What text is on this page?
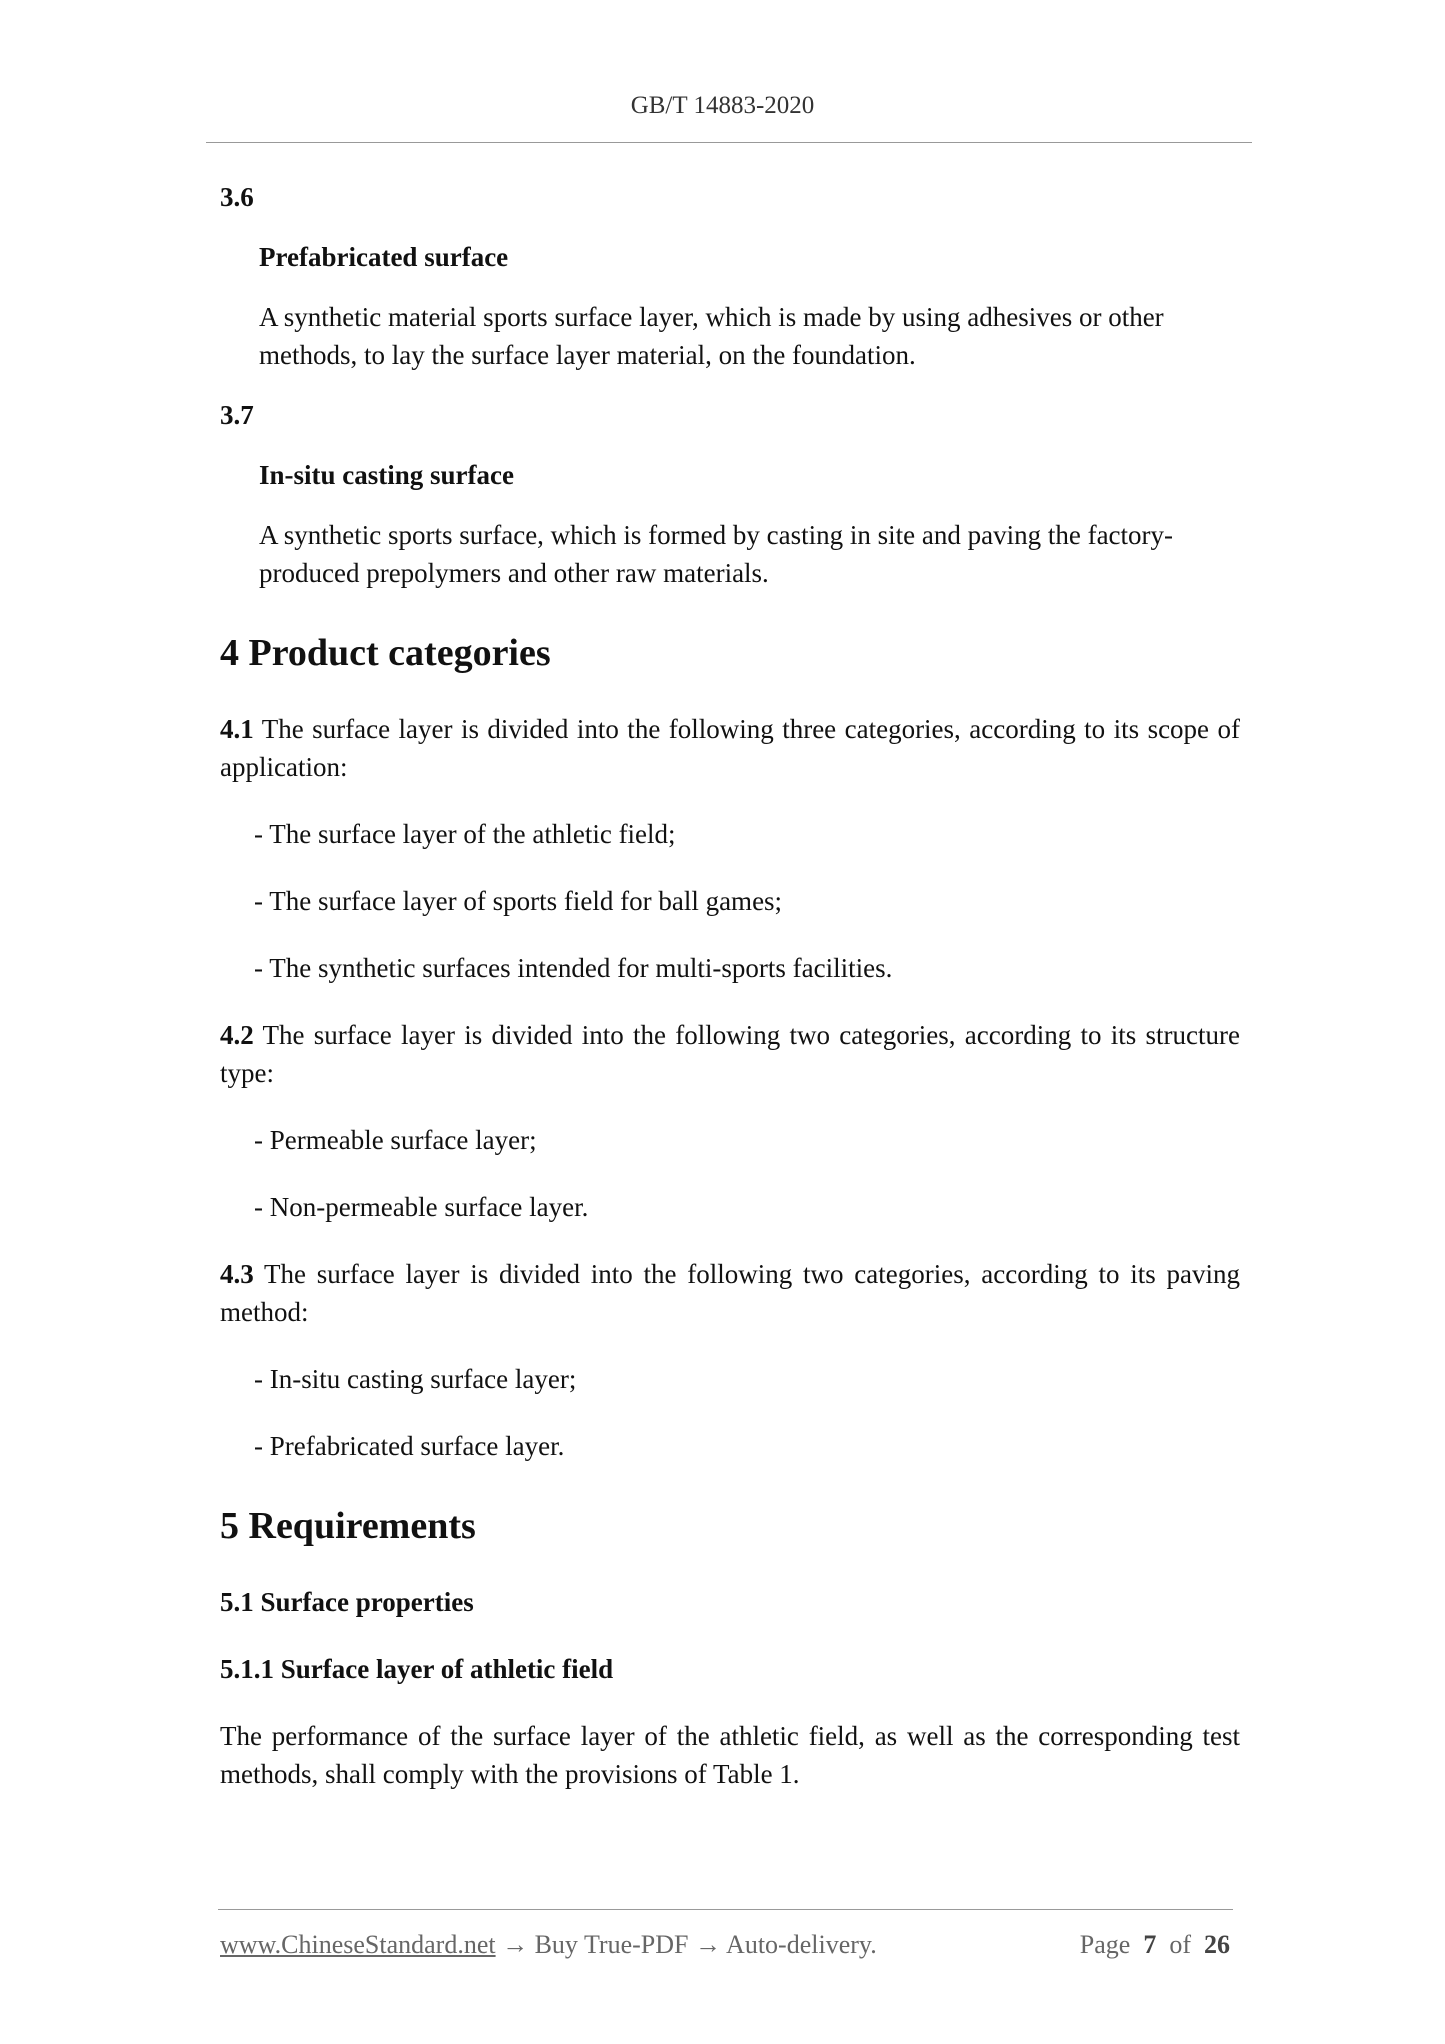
GB/T 14883-2020
3.6
Prefabricated surface
A synthetic material sports surface layer, which is made by using adhesives or other
methods, to lay the surface layer material, on the foundation.
3.7
In-situ casting surface
A synthetic sports surface, which is formed by casting in site and paving the factory-
produced prepolymers and other raw materials.
4 Product categories
4.1 The surface layer is divided into the following three categories, according to its scope of application:
- The surface layer of the athletic field;
- The surface layer of sports field for ball games;
- The synthetic surfaces intended for multi-sports facilities.
4.2 The surface layer is divided into the following two categories, according to its structure type:
- Permeable surface layer;
- Non-permeable surface layer.
4.3 The surface layer is divided into the following two categories, according to its paving method:
- In-situ casting surface layer;
- Prefabricated surface layer.
5 Requirements
5.1 Surface properties
5.1.1 Surface layer of athletic field
The performance of the surface layer of the athletic field, as well as the corresponding test methods, shall comply with the provisions of Table 1.
www.ChineseStandard.net → Buy True-PDF → Auto-delivery.	Page 7 of 26
